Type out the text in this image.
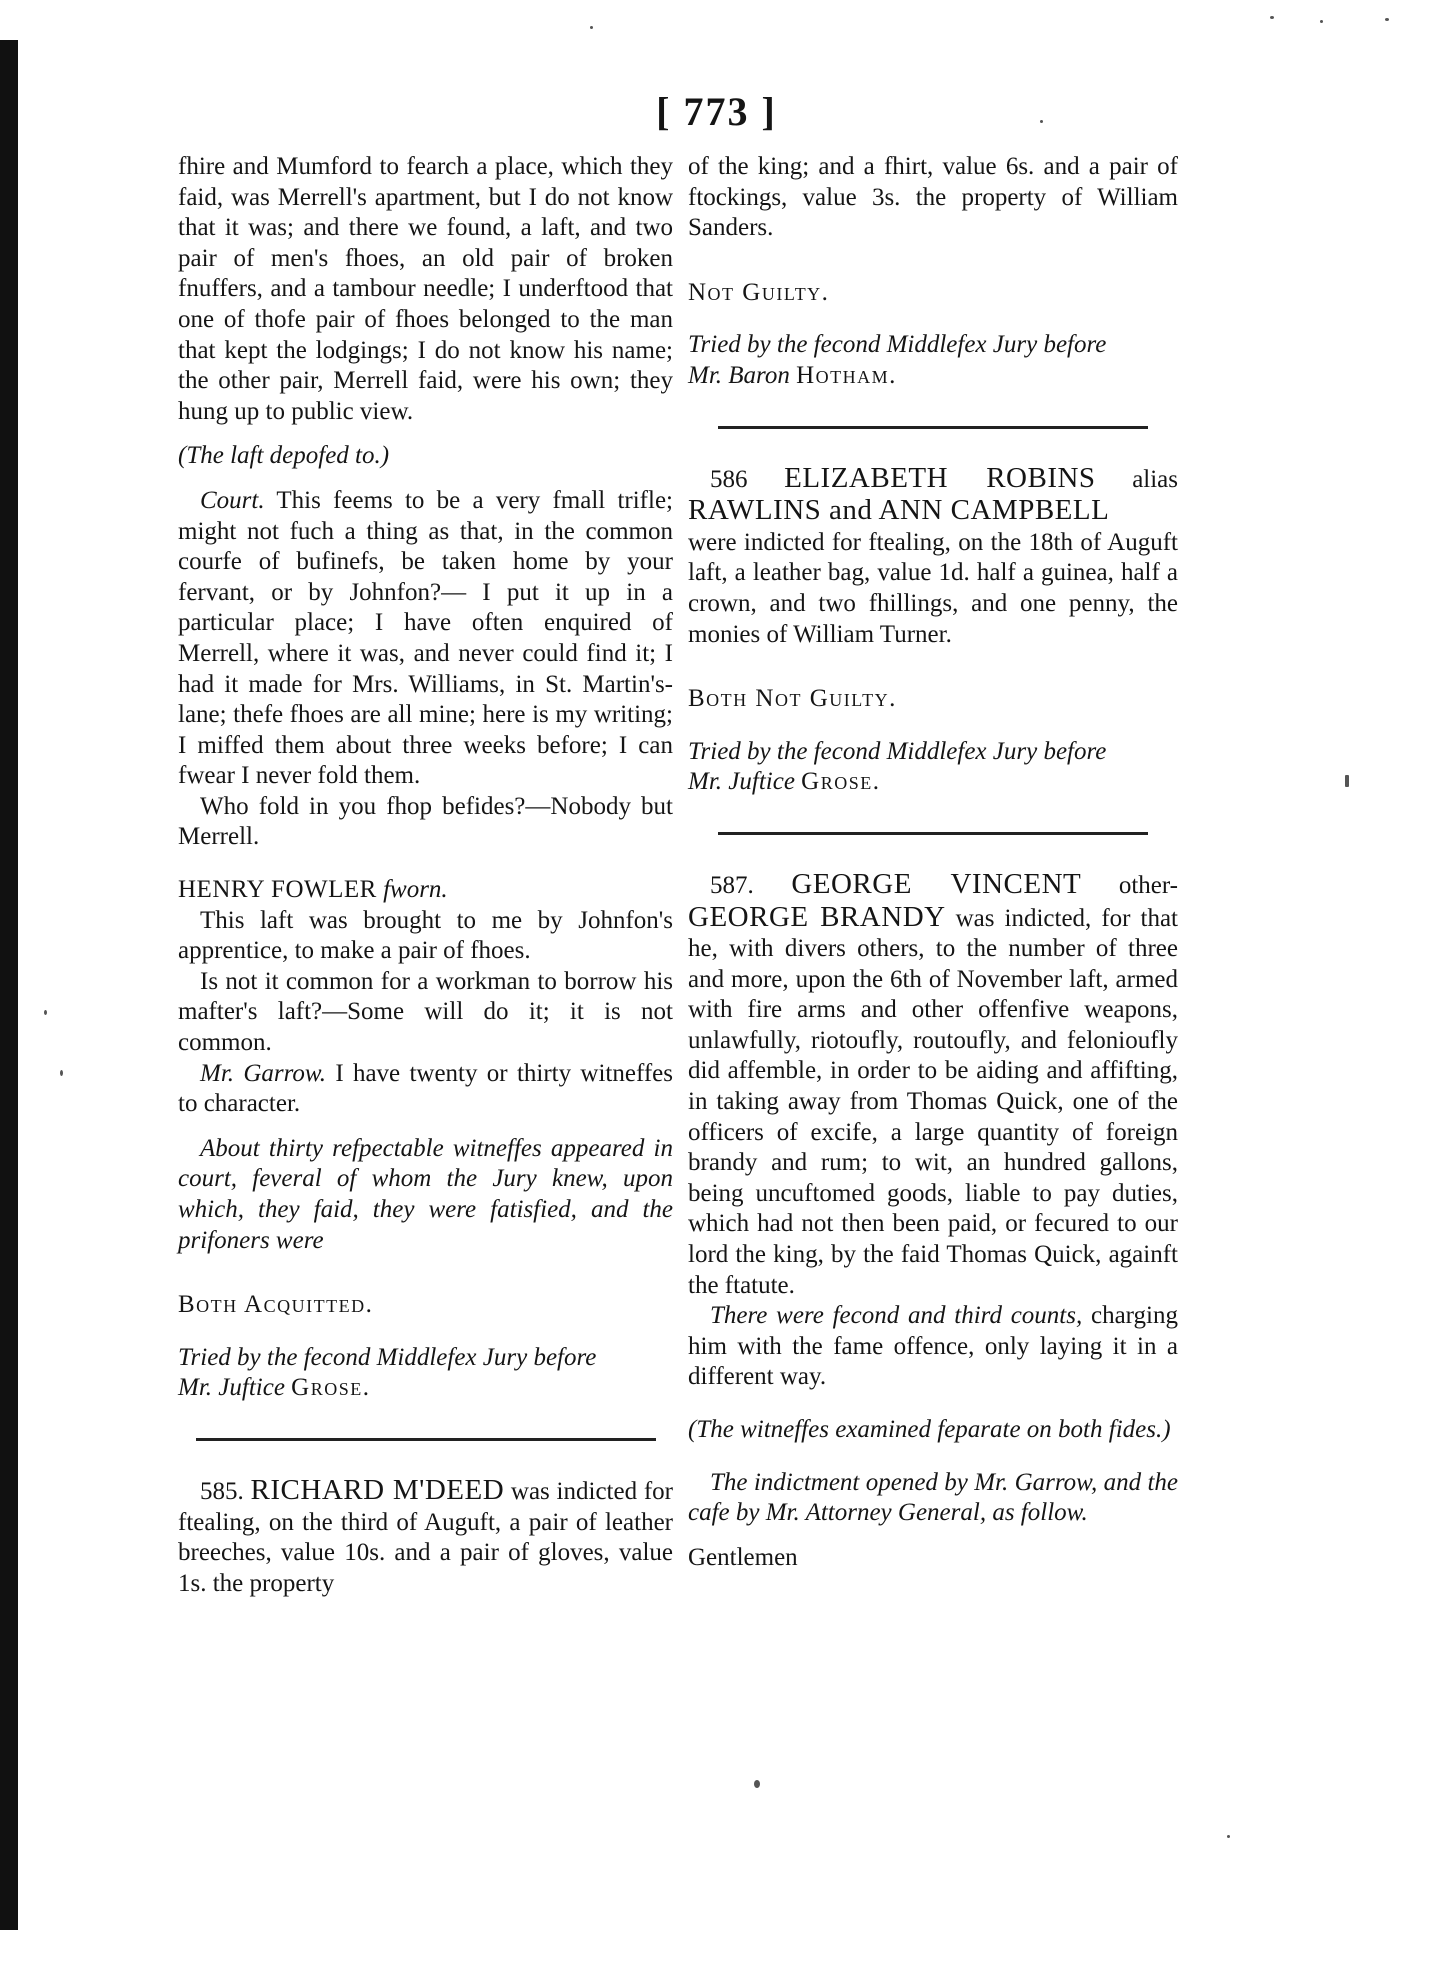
[ 773 ]

fhire and Mumford to fearch a place, which they faid, was Merrell's apartment, but I do not know that it was; and there we found, a laft, and two pair of men's fhoes, an old pair of broken fnuffers, and a tambour needle; I underftood that one of thofe pair of fhoes belonged to the man that kept the lodgings; I do not know his name; the other pair, Merrell faid, were his own; they hung up to public view.

(The laft depofed to.)

Court. This feems to be a very fmall trifle; might not fuch a thing as that, in the common courfe of bufinefs, be taken home by your fervant, or by Johnfon?— I put it up in a particular place; I have often enquired of Merrell, where it was, and never could find it; I had it made for Mrs. Williams, in St. Martin's-lane; thefe fhoes are all mine; here is my writing; I miffed them about three weeks before; I can fwear I never fold them.

Who fold in you fhop befides?—Nobody but Merrell.

HENRY FOWLER fworn.

This laft was brought to me by Johnfon's apprentice, to make a pair of fhoes.

Is not it common for a workman to borrow his mafter's laft?—Some will do it; it is not common.

Mr. Garrow. I have twenty or thirty witneffes to character.

About thirty refpectable witneffes appeared in court, feveral of whom the Jury knew, upon which, they faid, they were fatisfied, and the prifoners were

Both Acquitted.

Tried by the fecond Middlefex Jury before

Mr. Juftice Grose.

585. RICHARD M'DEED was indicted for ftealing, on the third of Auguft, a pair of leather breeches, value 10s. and a pair of gloves, value 1s. the property

of the king; and a fhirt, value 6s. and a pair of ftockings, value 3s. the property of William Sanders.

Not Guilty.

Tried by the fecond Middlefex Jury before

Mr. Baron Hotham.

586 ELIZABETH ROBINS alias RAWLINS and ANN CAMPBELL

were indicted for ftealing, on the 18th of Auguft laft, a leather bag, value 1d. half a guinea, half a crown, and two fhillings, and one penny, the monies of William Turner.

Both Not Guilty.

Tried by the fecond Middlefex Jury before

Mr. Juftice Grose.

587. GEORGE VINCENT other- GEORGE BRANDY was indicted, for that he, with divers others, to the number of three and more, upon the 6th of November laft, armed with fire arms and other offenfive weapons, unlawfully, riotoufly, routoufly, and felonioufly did affemble, in order to be aiding and affifting, in taking away from Thomas Quick, one of the officers of excife, a large quantity of foreign brandy and rum; to wit, an hundred gallons, being uncuftomed goods, liable to pay duties, which had not then been paid, or fecured to our lord the king, by the faid Thomas Quick, againft the ftatute.

There were fecond and third counts, charging him with the fame offence, only laying it in a different way.

(The witneffes examined feparate on both fides.)

The indictment opened by Mr. Garrow, and the cafe by Mr. Attorney General, as follow.

Gentlemen
